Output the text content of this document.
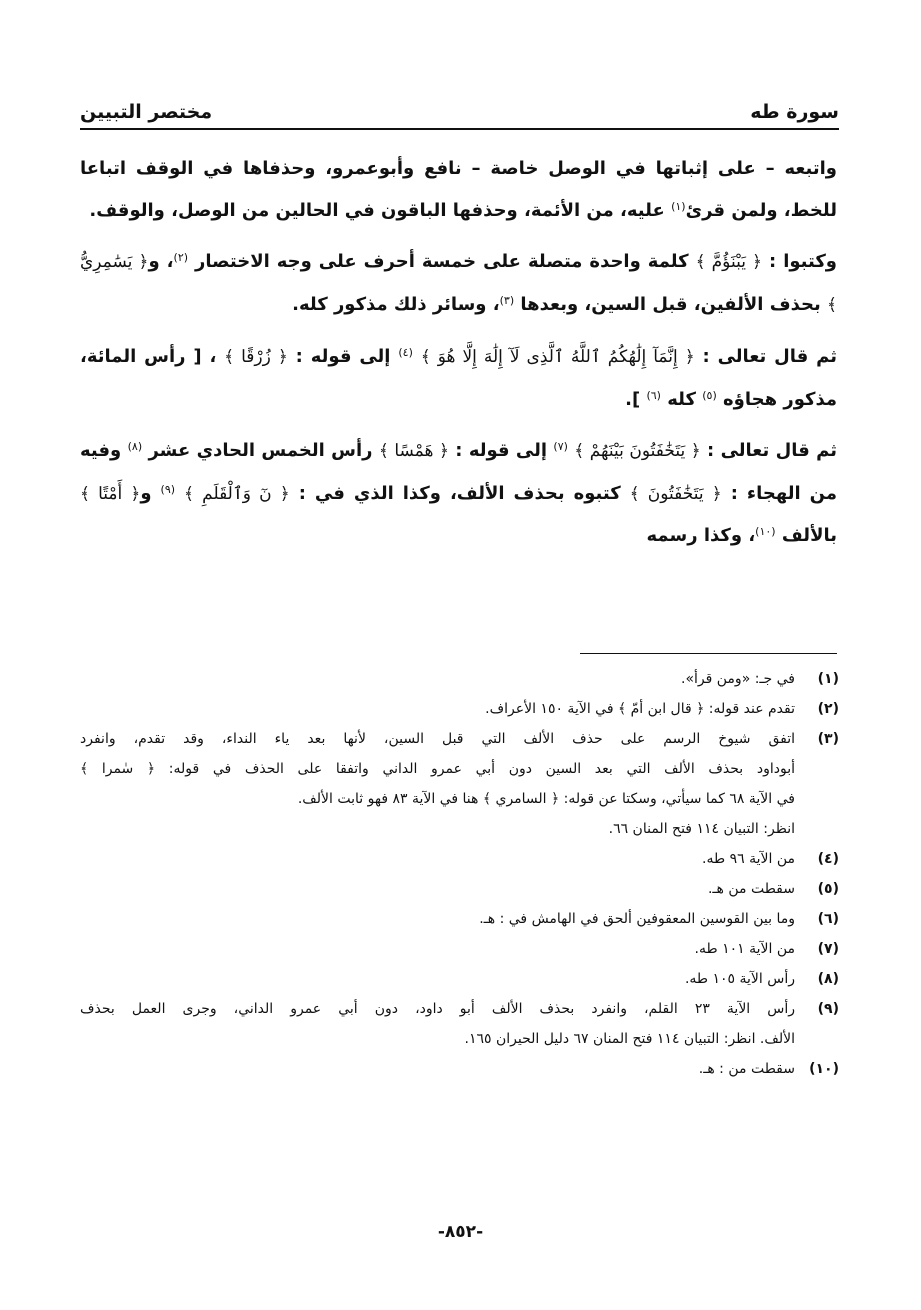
سورة طه
مختصر التبيين

واتبعه – على إثباتها في الوصل خاصة – نافع وأبوعمرو، وحذفاها في الوقف اتباعا للخط، ولمن قرئ$^{(١)}$ عليه، من الأئمة، وحذفها الباقون في الحالين من الوصل، والوقف.

وكتبوا : ﴿ يَبْنَؤُمَّ ﴾ كلمة واحدة متصلة على خمسة أحرف على وجه الاختصار $^{(٢)}$، و﴿ يَسَٰمِرِيُّ ﴾ بحذف الألفين، قبل السين، وبعدها $^{(٣)}$، وسائر ذلك مذكور كله.

ثم قال تعالى : ﴿ إِنَّمَآ إِلَٰهُكُمُ ٱللَّهُ ٱلَّذِى لَآ إِلَٰهَ إِلَّا هُوَ ﴾ $^{(٤)}$ إلى قوله : ﴿ زُرْقًا ﴾ ، [ رأس المائة، مذكور هجاؤه $^{(٥)}$ كله $^{(٦)}$ ].

ثم قال تعالى : ﴿ يَتَخَٰفَتُونَ بَيْنَهُمْ ﴾ $^{(٧)}$ إلى قوله : ﴿ هَمْسًا ﴾ رأس الخمس الحادي عشر $^{(٨)}$ وفيه من الهجاء : ﴿ يَتَخَٰفَتُونَ ﴾ كتبوه بحذف الألف، وكذا الذي في : ﴿ نٓ وَٱلْقَلَمِ ﴾ $^{(٩)}$ و﴿ أَمْتًا ﴾ بالألف $^{(١٠)}$، وكذا رسمه

(١)
في جـ: «ومن قرأ».
(٢)
تقدم عند قوله: ﴿ قال ابن أمّ ﴾ في الآية ١٥٠ الأعراف.
(٣)
اتفق شيوخ الرسم على حذف الألف التي قبل السين، لأنها بعد ياء النداء، وقد تقدم، وانفرد
أبوداود بحذف الألف التي بعد السين دون أبي عمرو الداني واتفقا على الحذف في قوله: ﴿ سٰمرا ﴾
في الآية ٦٨ كما سيأتي، وسكتا عن قوله: ﴿ السامري ﴾ هنا في الآية ٨٣ فهو ثابت الألف.
انظر: التبيان ١١٤ فتح المنان ٦٦.
(٤)
من الآية ٩٦ طه.
(٥)
سقطت من هـ.
(٦)
وما بين القوسين المعقوفين ألحق في الهامش في : هـ.
(٧)
من الآية ١٠١ طه.
(٨)
رأس الآية ١٠٥ طه.
(٩)
رأس الآية ٢٣ القلم، وانفرد بحذف الألف أبو داود، دون أبي عمرو الداني، وجرى العمل بحذف
الألف. انظر: التبيان ١١٤ فتح المنان ٦٧ دليل الحيران ١٦٥.
(١٠)
سقطت من : هـ.
-٨٥٢-
